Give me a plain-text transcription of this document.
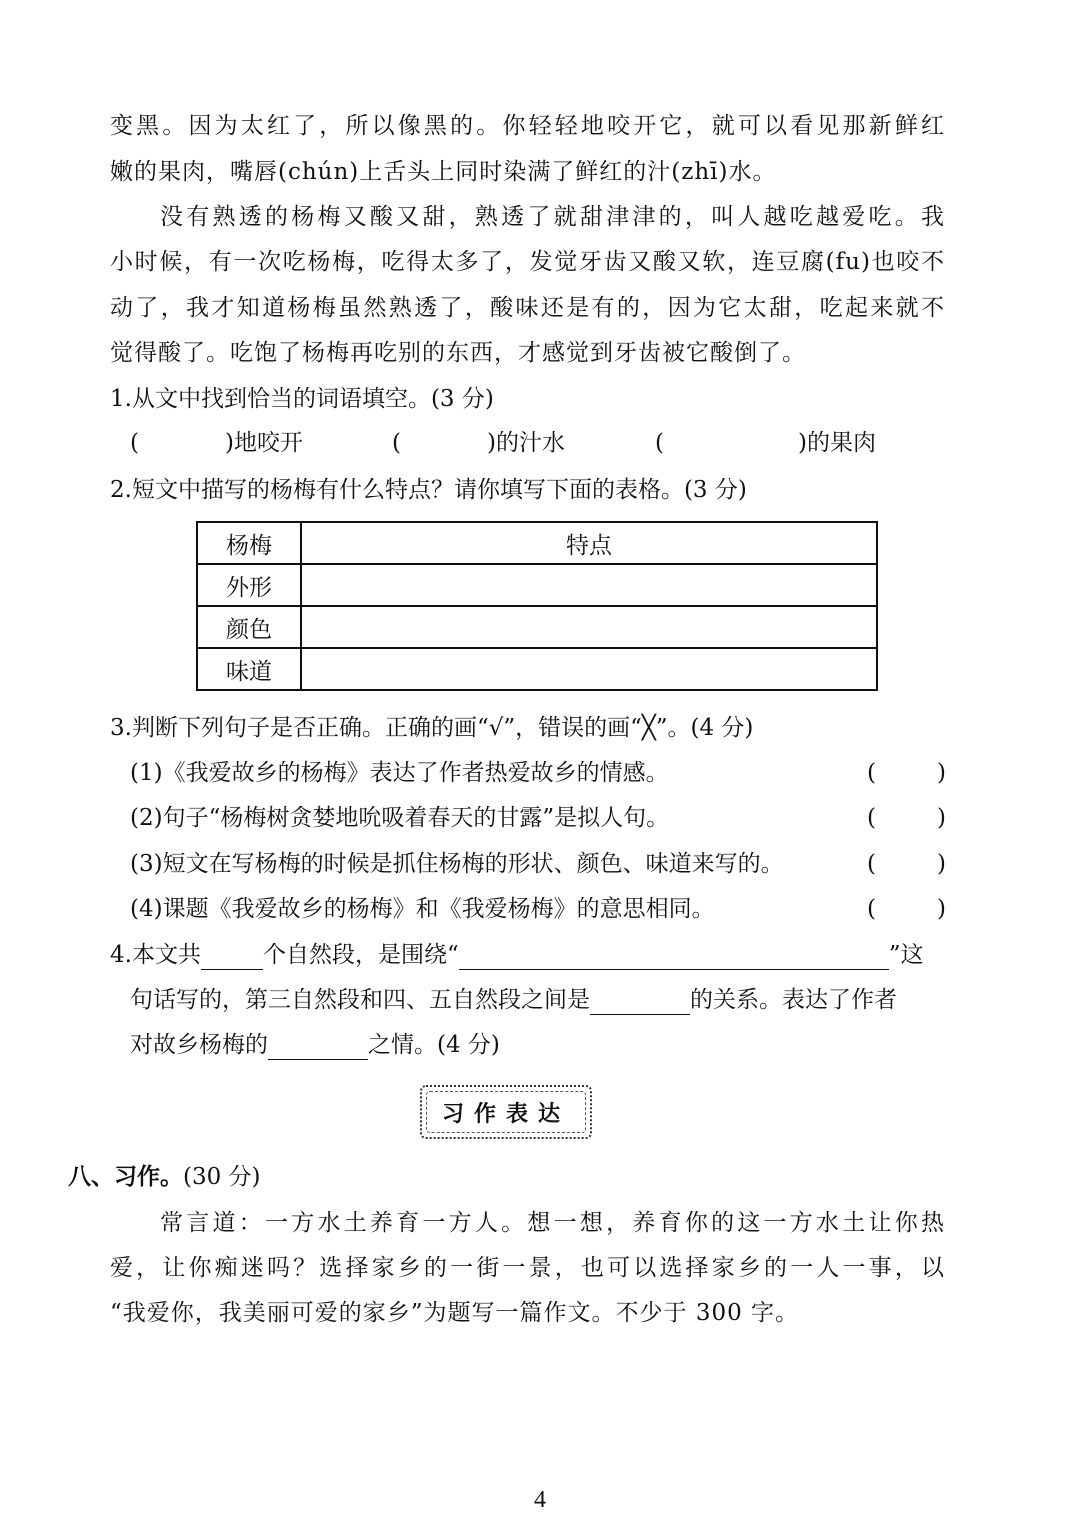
变黑。因为太红了，所以像黑的。你轻轻地咬开它，就可以看见那新鲜红
嫩的果肉，嘴唇(chún)上舌头上同时染满了鲜红的汁(zhī)水。
没有熟透的杨梅又酸又甜，熟透了就甜津津的，叫人越吃越爱吃。我
小时候，有一次吃杨梅，吃得太多了，发觉牙齿又酸又软，连豆腐(fu)也咬不
动了，我才知道杨梅虽然熟透了，酸味还是有的，因为它太甜，吃起来就不
觉得酸了。吃饱了杨梅再吃别的东西，才感觉到牙齿被它酸倒了。
1.从文中找到恰当的词语填空。(3 分)
(	)地咬开	(	)的汁水	(	)的果肉
2.短文中描写的杨梅有什么特点？请你填写下面的表格。(3 分)
杨梅	特点
外形	
颜色	
味道	
3.判断下列句子是否正确。正确的画“√”，错误的画“╳”。(4 分)
(1)《我爱故乡的杨梅》表达了作者热爱故乡的情感。	(	)
(2)句子“杨梅树贪婪地吮吸着春天的甘露”是拟人句。	(	)
(3)短文在写杨梅的时候是抓住杨梅的形状、颜色、味道来写的。	(	)
(4)课题《我爱故乡的杨梅》和《我爱杨梅》的意思相同。	(	)
4.本文共	个自然段，是围绕“	”这
句话写的，第三自然段和四、五自然段之间是	的关系。表达了作者
对故乡杨梅的	之情。(4 分)
习作表达
八、习作。(30 分)
常言道：一方水土养育一方人。想一想，养育你的这一方水土让你热
爱，让你痴迷吗？选择家乡的一街一景，也可以选择家乡的一人一事，以
“我爱你，我美丽可爱的家乡”为题写一篇作文。不少于 300 字。
4
